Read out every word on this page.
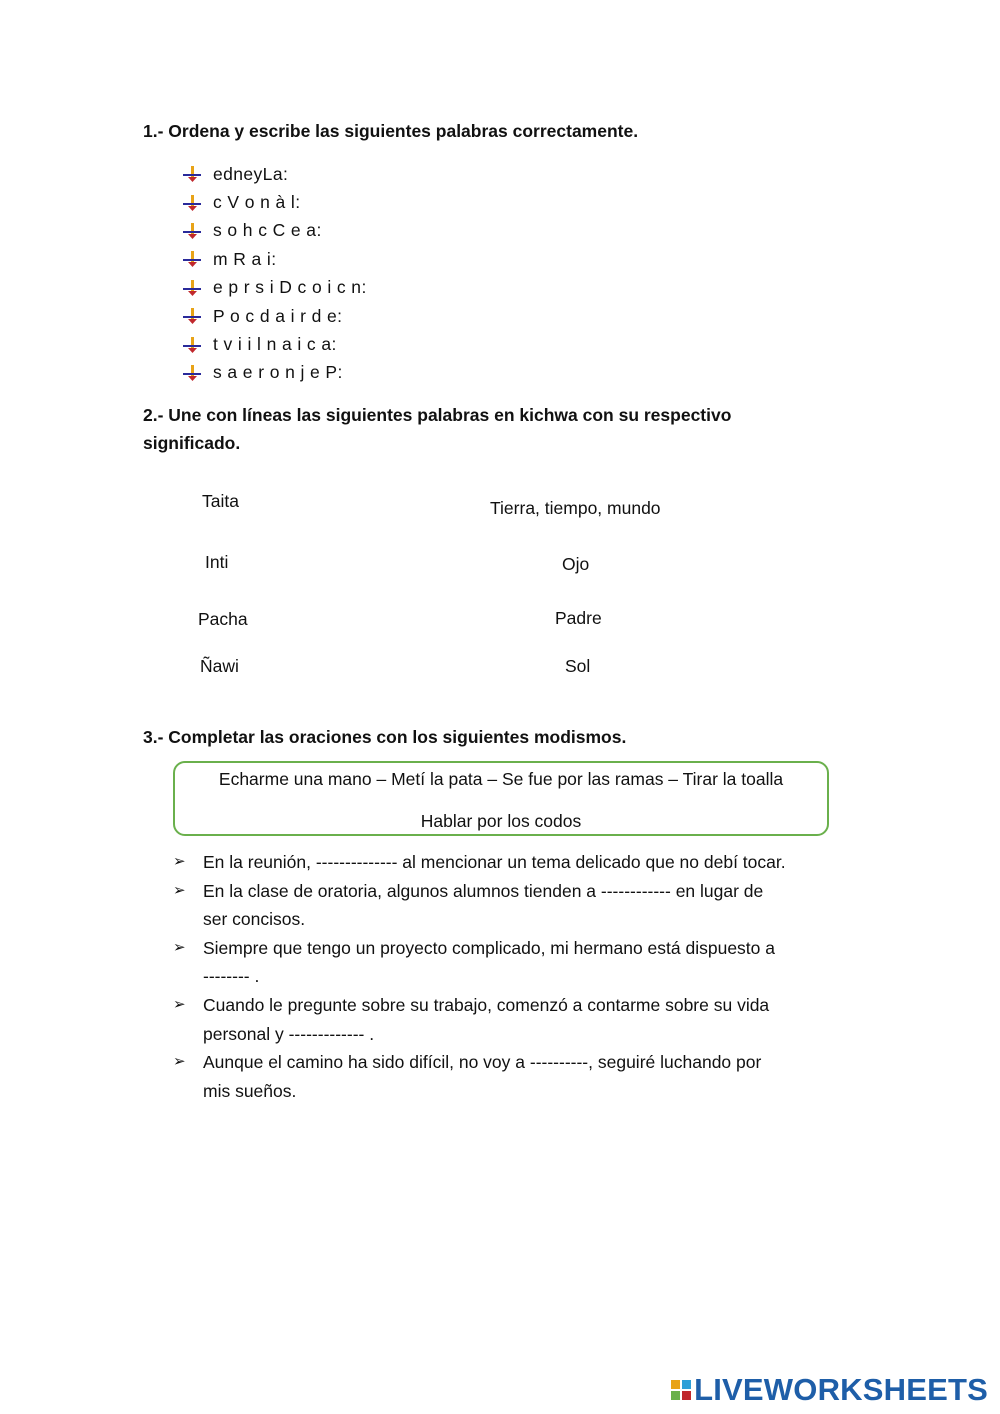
1.- Ordena y escribe las siguientes palabras correctamente.
edneyLa:
c V o n à l:
s o h c C e a:
m R a i:
e p r s i D c o i c n:
P o c d a i r d e:
t v i i l n a i c a:
s a e r o n j e P:
2.- Une con líneas las siguientes palabras en kichwa con su respectivo
significado.
Taita
Inti
Pacha
Ñawi
Tierra, tiempo, mundo
Ojo
Padre
Sol
3.- Completar las oraciones con los siguientes modismos.
Echarme una mano – Metí la pata – Se fue por las ramas – Tirar la toalla
Hablar por los codos
➢ En la reunión, -------------- al mencionar un tema delicado que no debí tocar.
➢ En la clase de oratoria, algunos alumnos tienden a ------------ en lugar de
ser concisos.
➢ Siempre que tengo un proyecto complicado, mi hermano está dispuesto a
-------- .
➢ Cuando le pregunte sobre su trabajo, comenzó a contarme sobre su vida
personal y ------------- .
➢ Aunque el camino ha sido difícil, no voy a ----------, seguiré luchando por
mis sueños.
LIVEWORKSHEETS
